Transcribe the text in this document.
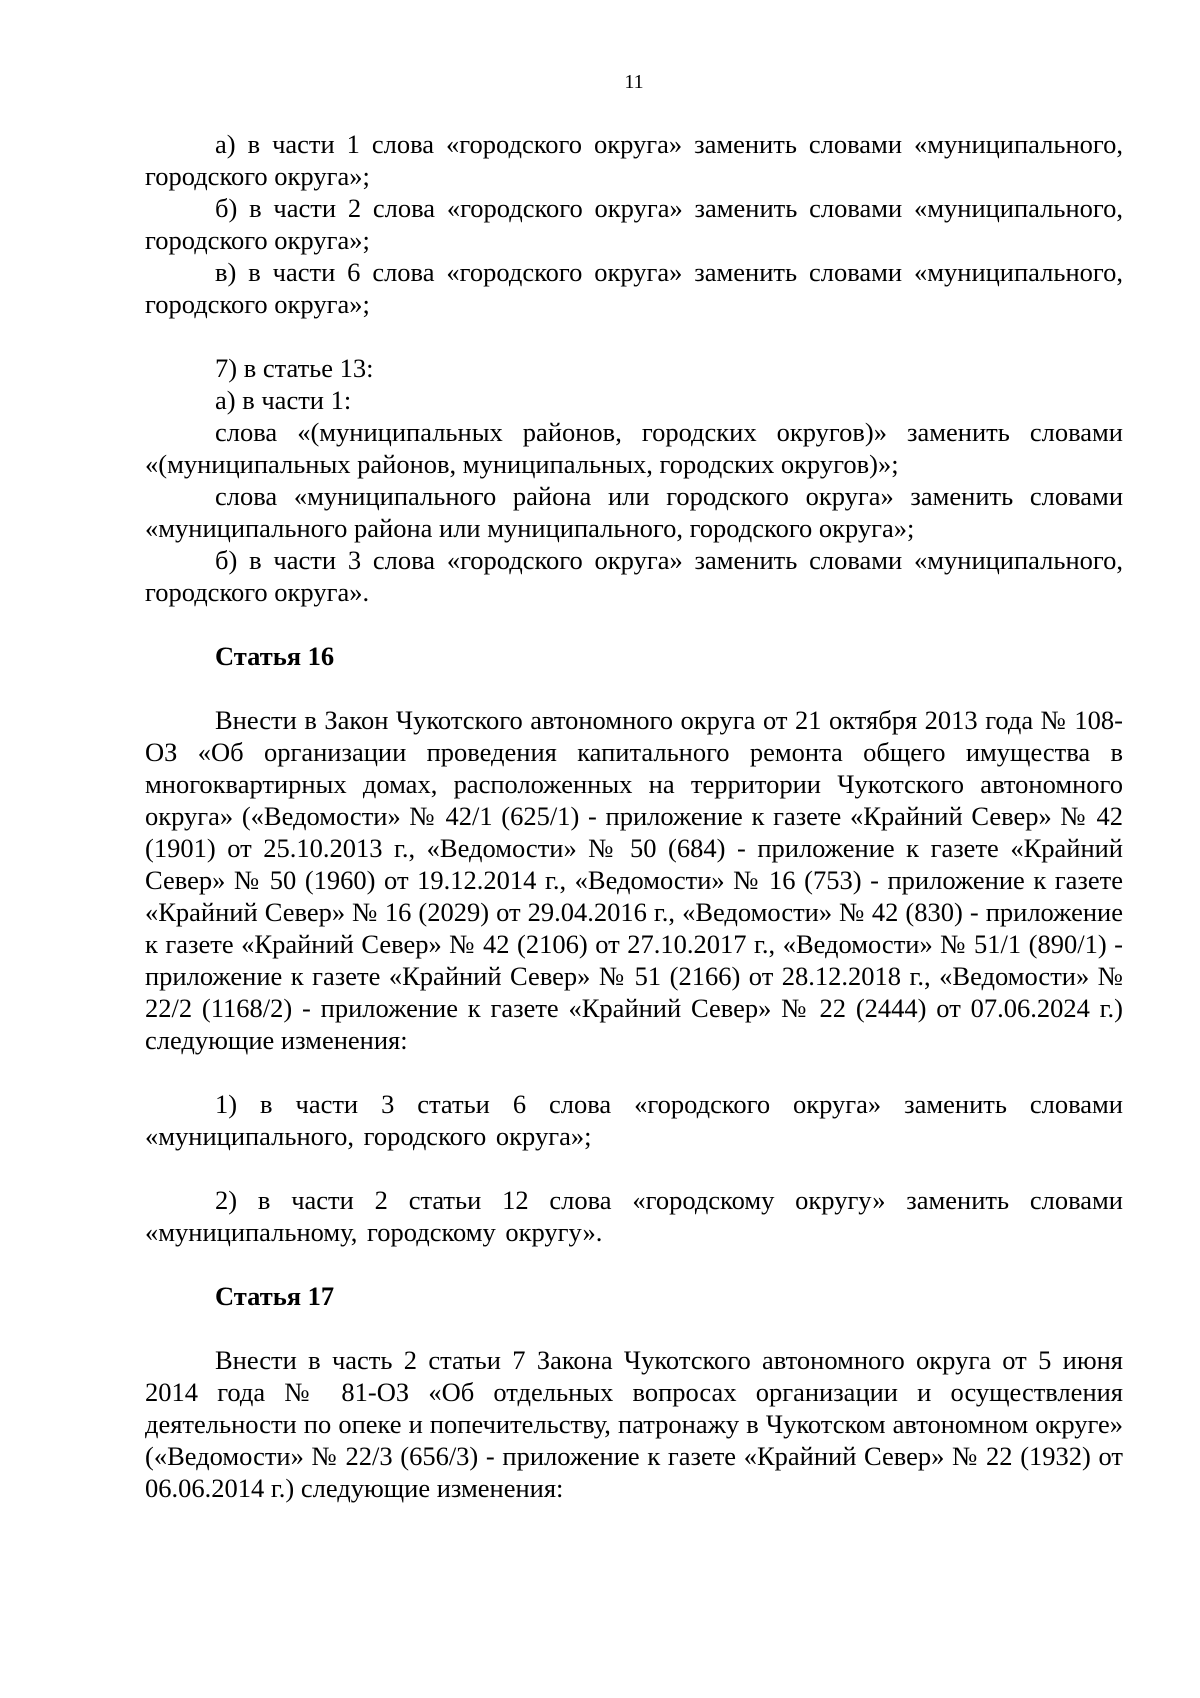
11

а) в части 1 слова «городского округа» заменить словами «муниципального, городского округа»;

б) в части 2 слова «городского округа» заменить словами «муниципального, городского округа»;

в) в части 6 слова «городского округа» заменить словами «муниципального, городского округа»;

7) в статье 13:

а) в части 1:

слова «(муниципальных районов, городских округов)» заменить словами «(муниципальных районов, муниципальных, городских округов)»;

слова «муниципального района или городского округа» заменить словами «муниципального района или муниципального, городского округа»;

б) в части 3 слова «городского округа» заменить словами «муниципального, городского округа».

Статья 16

Внести в Закон Чукотского автономного округа от 21 октября 2013 года № 108-ОЗ «Об организации проведения капитального ремонта общего имущества в многоквартирных домах, расположенных на территории Чукотского автономного округа» («Ведомости» № 42/1 (625/1) - приложение к газете «Крайний Север» № 42 (1901) от 25.10.2013 г., «Ведомости» № 50 (684) - приложение к газете «Крайний Север» № 50 (1960) от 19.12.2014 г., «Ведомости» № 16 (753) - приложение к газете «Крайний Север» № 16 (2029) от 29.04.2016 г., «Ведомости» № 42 (830) - приложение к газете «Крайний Север» № 42 (2106) от 27.10.2017 г., «Ведомости» № 51/1 (890/1) - приложение к газете «Крайний Север» № 51 (2166) от 28.12.2018 г., «Ведомости» № 22/2 (1168/2) - приложение к газете «Крайний Север» № 22 (2444) от 07.06.2024 г.) следующие изменения:

1) в части 3 статьи 6 слова «городского округа» заменить словами «муниципального, городского округа»;

2) в части 2 статьи 12 слова «городскому округу» заменить словами «муниципальному, городскому округу».

Статья 17

Внести в часть 2 статьи 7 Закона Чукотского автономного округа от 5 июня 2014 года № 81-ОЗ «Об отдельных вопросах организации и осуществления деятельности по опеке и попечительству, патронажу в Чукотском автономном округе» («Ведомости» № 22/3 (656/3) - приложение к газете «Крайний Север» № 22 (1932) от 06.06.2014 г.) следующие изменения:
